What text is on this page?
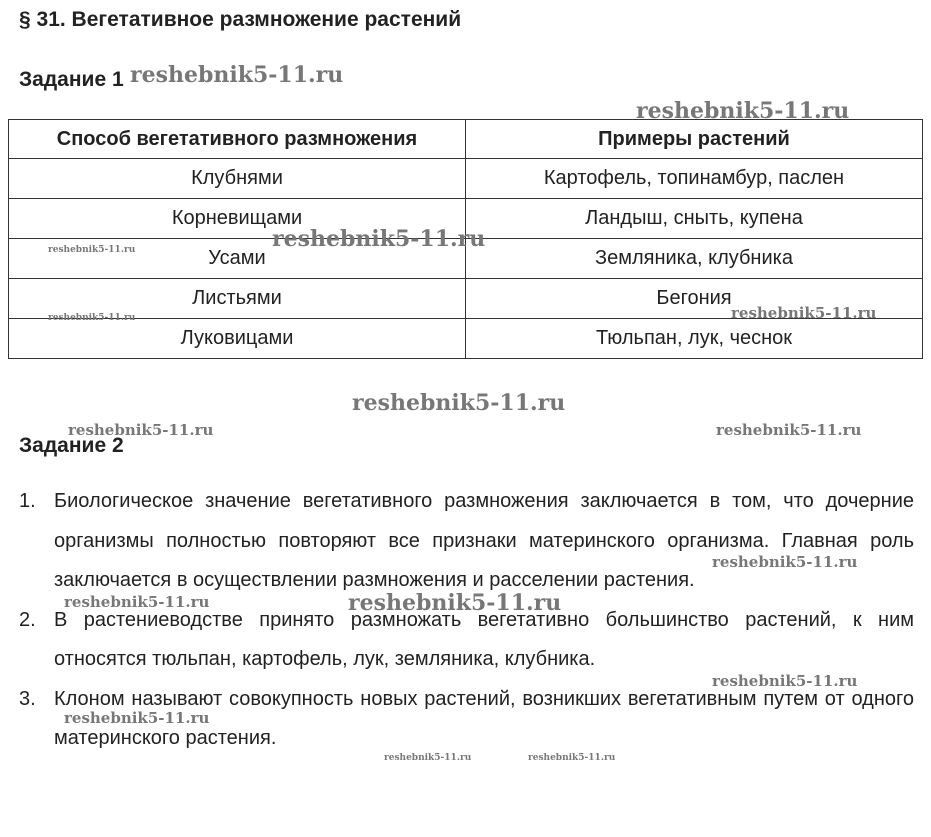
§ 31. Вегетативное размножение растений
Задание 1
Способ вегетативного размножения	Примеры растений
Клубнями	Картофель, топинамбур, паслен
Корневищами	Ландыш, сныть, купена
Усами	Земляника, клубника
Листьями	Бегония
Луковицами	Тюльпан, лук, чеснок
Задание 2
1. Биологическое значение вегетативного размножения заключается в том, что дочерние организмы полностью повторяют все признаки материнского организма. Главная роль заключается в осуществлении размножения и расселении растения.
2. В растениеводстве принято размножать вегетативно большинство растений, к ним относятся тюльпан, картофель, лук, земляника, клубника.
3. Клоном называют совокупность новых растений, возникших вегетативным путем от одного материнского растения.
reshebnik5-11.ru
reshebnik5-11.ru
reshebnik5-11.ru
reshebnik5-11.ru
reshebnik5-11.ru	reshebnik5-11.ru
reshebnik5-11.ru
reshebnik5-11.ru	reshebnik5-11.ru
reshebnik5-11.ru
reshebnik5-11.ru	reshebnik5-11.ru
reshebnik5-11.ru
reshebnik5-11.ru
reshebnik5-11.ru	reshebnik5-11.ru
